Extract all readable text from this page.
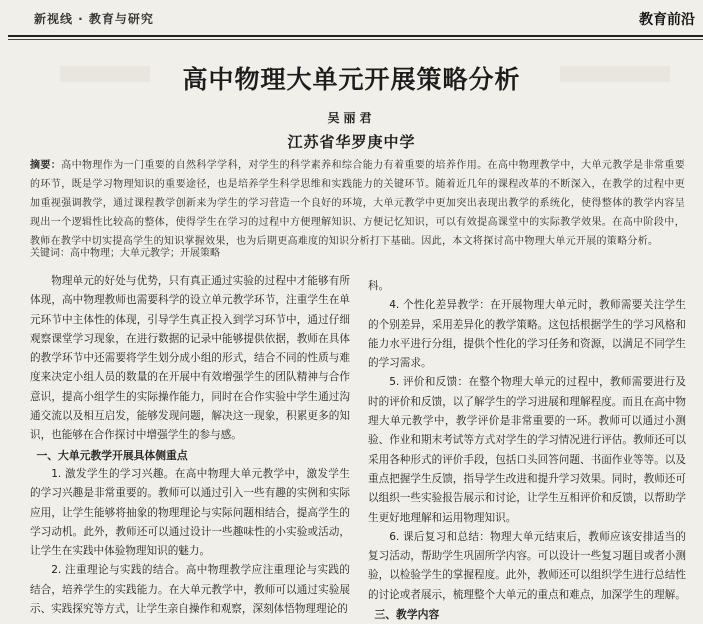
新视线 · 教育与研究	教育前沿
高中物理大单元开展策略分析
吴丽君
江苏省华罗庚中学
摘要：高中物理作为一门重要的自然科学学科，对学生的科学素养和综合能力有着重要的培养作用。在高中物理教学中，大单元教学是非常重要的环节，既是学习物理知识的重要途径，也是培养学生科学思维和实践能力的关键环节。随着近几年的课程改革的不断深入，在教学的过程中更加重视强调教学，通过课程教学创新来为学生的学习营造一个良好的环境，大单元教学中更加突出表现出教学的系统化，使得整体的教学内容呈现出一个逻辑性比较高的整体，使得学生在学习的过程中方便理解知识、方便记忆知识，可以有效提高课堂中的实际教学效果。在高中阶段中，教师在教学中切实提高学生的知识掌握效果，也为后期更高难度的知识分析打下基础。因此，本文将探讨高中物理大单元开展的策略分析。
关键词：高中物理；大单元教学；开展策略

物理单元的好处与优势，只有真正通过实验的过程中才能够有所体现，高中物理教师也需要科学的设立单元教学环节，注重学生在单元环节中主体性的体现，引导学生真正投入到学习环节中，通过仔细观察课堂学习现象，在进行数据的记录中能够提供依据，教师在具体的教学环节中还需要将学生划分成小组的形式，结合不同的性质与难度来决定小组人员的数量的在开展中有效增强学生的团队精神与合作意识，提高小组学生的实际操作能力，同时在合作实验中学生通过沟通交流以及相互启发，能够发现问题，解决这一现象，积累更多的知识，也能够在合作探讨中增强学生的参与感。

一、大单元教学开展具体侧重点

1. 激发学生的学习兴趣。在高中物理大单元教学中，激发学生的学习兴趣是非常重要的。教师可以通过引入一些有趣的实例和实际应用，让学生能够将抽象的物理理论与实际问题相结合，提高学生的学习动机。此外，教师还可以通过设计一些趣味性的小实验或活动，让学生在实践中体验物理知识的魅力。

2. 注重理论与实践的结合。高中物理教学应注重理论与实践的结合，培养学生的实践能力。在大单元教学中，教师可以通过实验展示、实践探究等方式，让学生亲自操作和观察，深刻体悟物理理论的

科。

4. 个性化差异教学：在开展物理大单元时，教师需要关注学生的个别差异，采用差异化的教学策略。这包括根据学生的学习风格和能力水平进行分组，提供个性化的学习任务和资源，以满足不同学生的学习需求。

5. 评价和反馈：在整个物理大单元的过程中，教师需要进行及时的评价和反馈，以了解学生的学习进展和理解程度。而且在高中物理大单元教学中，教学评价是非常重要的一环。教师可以通过小测验、作业和期末考试等方式对学生的学习情况进行评估。教师还可以采用各种形式的评价手段，包括口头回答问题、书面作业等等。以及重点把握学生反馈，指导学生改进和提升学习效果。同时，教师还可以组织一些实验报告展示和讨论，让学生互相评价和反馈，以帮助学生更好地理解和运用物理知识。

6. 课后复习和总结：物理大单元结束后，教师应该安排适当的复习活动，帮助学生巩固所学内容。可以设计一些复习题目或者小测验，以检验学生的掌握程度。此外，教师还可以组织学生进行总结性的讨论或者展示，梳理整个大单元的重点和难点，加深学生的理解。

三、教学内容
